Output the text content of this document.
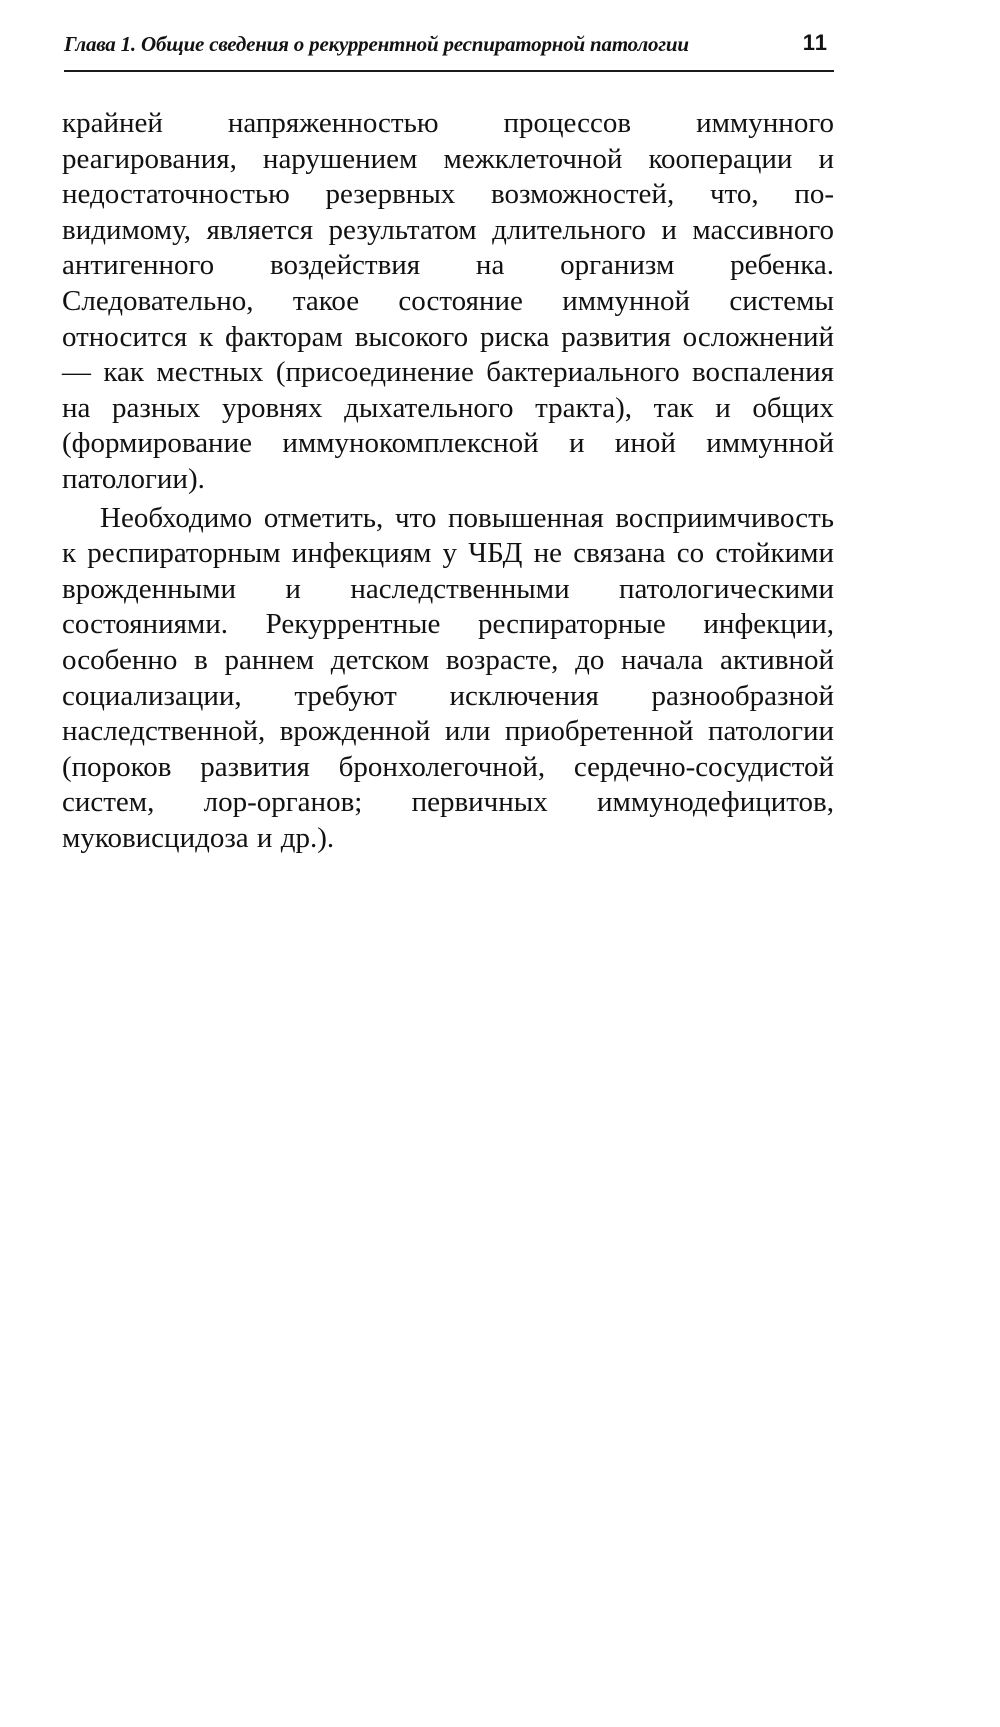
Глава 1. Общие сведения о рекуррентной респираторной патологии	11

крайней напряженностью процессов иммунного реагирования, нарушением межклеточной кооперации и недостаточностью резервных возможностей, что, по-видимому, является результатом длительного и массивного антигенного воздействия на организм ребенка. Следовательно, такое состояние иммунной системы относится к факторам высокого риска развития осложнений — как местных (присоединение бактериального воспаления на разных уровнях дыхательного тракта), так и общих (формирование иммунокомплексной и иной иммунной патологии).

Необходимо отметить, что повышенная восприимчивость к респираторным инфекциям у ЧБД не связана со стойкими врожденными и наследственными патологическими состояниями. Рекуррентные респираторные инфекции, особенно в раннем детском возрасте, до начала активной социализации, требуют исключения разнообразной наследственной, врожденной или приобретенной патологии (пороков развития бронхолегочной, сердечно-сосудистой систем, лор-органов; первичных иммунодефицитов, муковисцидоза и др.).
